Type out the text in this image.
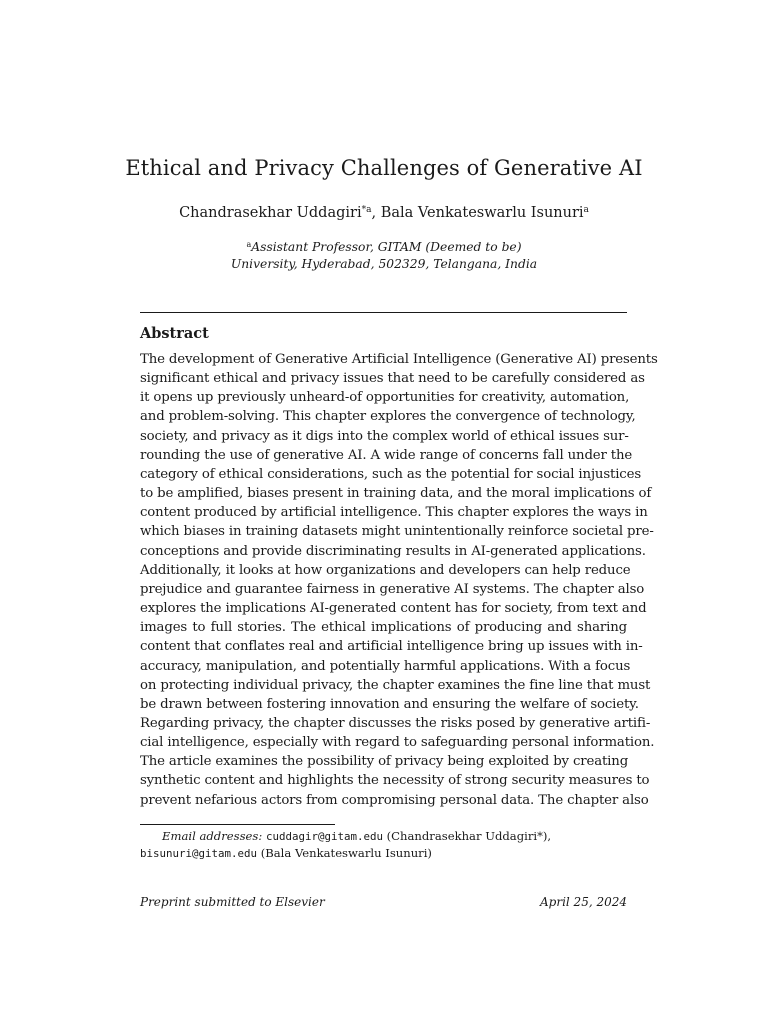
Ethical and Privacy Challenges of Generative AI
Chandrasekhar Uddagiri$^{*a}$, Bala Venkateswarlu Isunuri$^a$
$^a$Assistant Professor, GITAM (Deemed to be)
University, Hyderabad, 502329, Telangana, India
Abstract
The development of Generative Artificial Intelligence (Generative AI) presents
significant ethical and privacy issues that need to be carefully considered as
it opens up previously unheard-of opportunities for creativity, automation,
and problem-solving. This chapter explores the convergence of technology,
society, and privacy as it digs into the complex world of ethical issues sur-
rounding the use of generative AI. A wide range of concerns fall under the
category of ethical considerations, such as the potential for social injustices
to be amplified, biases present in training data, and the moral implications of
content produced by artificial intelligence. This chapter explores the ways in
which biases in training datasets might unintentionally reinforce societal pre-
conceptions and provide discriminating results in AI-generated applications.
Additionally, it looks at how organizations and developers can help reduce
prejudice and guarantee fairness in generative AI systems. The chapter also
explores the implications AI-generated content has for society, from text and
images to full stories. The ethical implications of producing and sharing
content that conflates real and artificial intelligence bring up issues with in-
accuracy, manipulation, and potentially harmful applications. With a focus
on protecting individual privacy, the chapter examines the fine line that must
be drawn between fostering innovation and ensuring the welfare of society.
Regarding privacy, the chapter discusses the risks posed by generative artifi-
cial intelligence, especially with regard to safeguarding personal information.
The article examines the possibility of privacy being exploited by creating
synthetic content and highlights the necessity of strong security measures to
prevent nefarious actors from compromising personal data. The chapter also
Email addresses: cuddagir@gitam.edu (Chandrasekhar Uddagiri*),
bisunuri@gitam.edu (Bala Venkateswarlu Isunuri)
Preprint submitted to Elsevier	April 25, 2024
